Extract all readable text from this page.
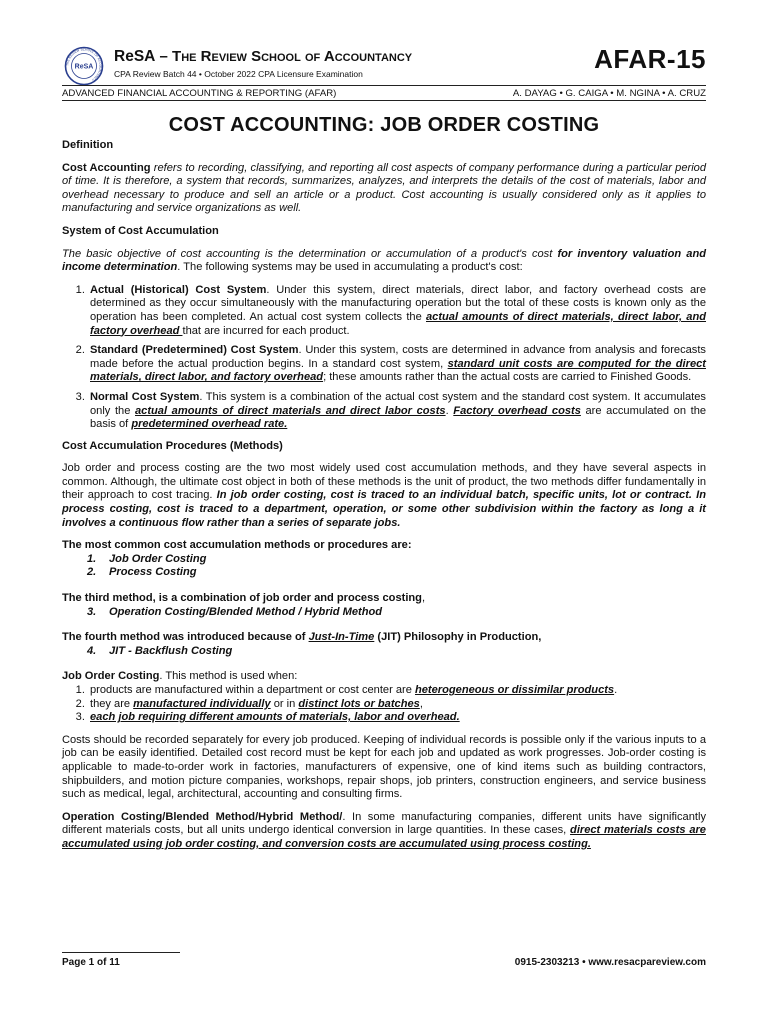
THE REVIEW SCHOOL OF ACCOUNTANCY
ReSA
ReSA – The Review School of Accountancy
CPA Review Batch 44 • October 2022 CPA Licensure Examination	AFAR-15
ADVANCED FINANCIAL ACCOUNTING & REPORTING (AFAR)	A. DAYAG • G. CAIGA • M. NGINA • A. CRUZ
COST ACCOUNTING: JOB ORDER COSTING
Definition

Cost Accounting refers to recording, classifying, and reporting all cost aspects of company performance during a particular period of time. It is therefore, a system that records, summarizes, analyzes, and interprets the details of the cost of materials, labor and overhead necessary to produce and sell an article or a product. Cost accounting is usually considered only as it applies to manufacturing and service organizations as well.

System of Cost Accumulation

The basic objective of cost accounting is the determination or accumulation of a product's cost for inventory valuation and income determination. The following systems may be used in accumulating a product's cost:

1. Actual (Historical) Cost System. Under this system, direct materials, direct labor, and factory overhead costs are determined as they occur simultaneously with the manufacturing operation but the total of these costs is known only as the operation has been completed. An actual cost system collects the actual amounts of direct materials, direct labor, and factory overhead that are incurred for each product.
2. Standard (Predetermined) Cost System. Under this system, costs are determined in advance from analysis and forecasts made before the actual production begins. In a standard cost system, standard unit costs are computed for the direct materials, direct labor, and factory overhead; these amounts rather than the actual costs are carried to Finished Goods.
3. Normal Cost System. This system is a combination of the actual cost system and the standard cost system. It accumulates only the actual amounts of direct materials and direct labor costs. Factory overhead costs are accumulated on the basis of predetermined overhead rate.
Cost Accumulation Procedures (Methods)

Job order and process costing are the two most widely used cost accumulation methods, and they have several aspects in common. Although, the ultimate cost object in both of these methods is the unit of product, the two methods differ fundamentally in their approach to cost tracing. In job order costing, cost is traced to an individual batch, specific units, lot or contract. In process costing, cost is traced to a department, operation, or some other subdivision within the factory as long a it involves a continuous flow rather than a series of separate jobs.

The most common cost accumulation methods or procedures are:
1. Job Order Costing
2. Process Costing
The third method, is a combination of job order and process costing,
3. Operation Costing/Blended Method / Hybrid Method
The fourth method was introduced because of Just-In-Time (JIT) Philosophy in Production,
4. JIT - Backflush Costing
Job Order Costing. This method is used when:
1. products are manufactured within a department or cost center are heterogeneous or dissimilar products.
2. they are manufactured individually or in distinct lots or batches,
3. each job requiring different amounts of materials, labor and overhead.

Costs should be recorded separately for every job produced. Keeping of individual records is possible only if the various inputs to a job can be easily identified. Detailed cost record must be kept for each job and updated as work progresses. Job-order costing is applicable to made-to-order work in factories, manufacturers of expensive, one of kind items such as building contractors, shipbuilders, and motion picture companies, workshops, repair shops, job printers, construction engineers, and service business such as medical, legal, architectural, accounting and consulting firms.

Operation Costing/Blended Method/Hybrid Method/. In some manufacturing companies, different units have significantly different materials costs, but all units undergo identical conversion in large quantities. In these cases, direct materials costs are accumulated using job order costing, and conversion costs are accumulated using process costing.

Page 1 of 11	0915-2303213 • www.resacpareview.com
